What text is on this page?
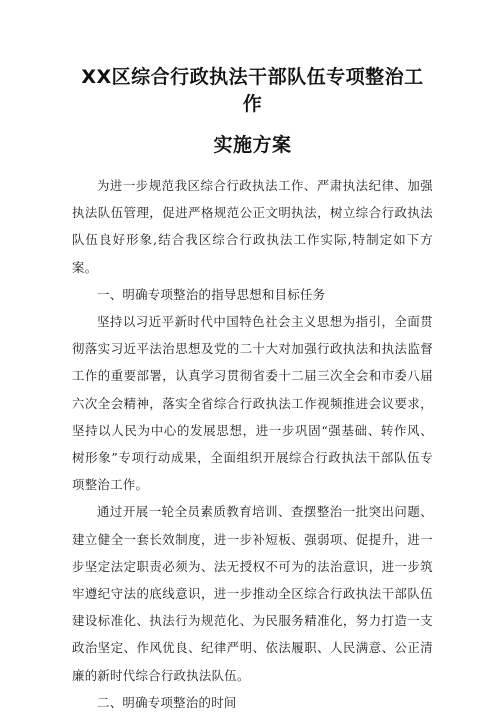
XX区综合行政执法干部队伍专项整治工作
实施方案

为进一步规范我区综合行政执法工作、严肃执法纪律、加强执法队伍管理，促进严格规范公正文明执法，树立综合行政执法队伍良好形象,结合我区综合行政执法工作实际,特制定如下方案。

一、明确专项整治的指导思想和目标任务

坚持以习近平新时代中国特色社会主义思想为指引，全面贯彻落实习近平法治思想及党的二十大对加强行政执法和执法监督工作的重要部署，认真学习贯彻省委十二届三次全会和市委八届六次全会精神，落实全省综合行政执法工作视频推进会议要求，坚持以人民为中心的发展思想，进一步巩固“强基础、转作风、树形象”专项行动成果，全面组织开展综合行政执法干部队伍专项整治工作。

通过开展一轮全员素质教育培训、查摆整治一批突出问题、建立健全一套长效制度，进一步补短板、强弱项、促提升，进一步坚定法定职责必须为、法无授权不可为的法治意识，进一步筑牢遵纪守法的底线意识，进一步推动全区综合行政执法干部队伍建设标准化、执法行为规范化、为民服务精准化，努力打造一支政治坚定、作风优良、纪律严明、依法履职、人民满意、公正清廉的新时代综合行政执法队伍。

二、明确专项整治的时间
